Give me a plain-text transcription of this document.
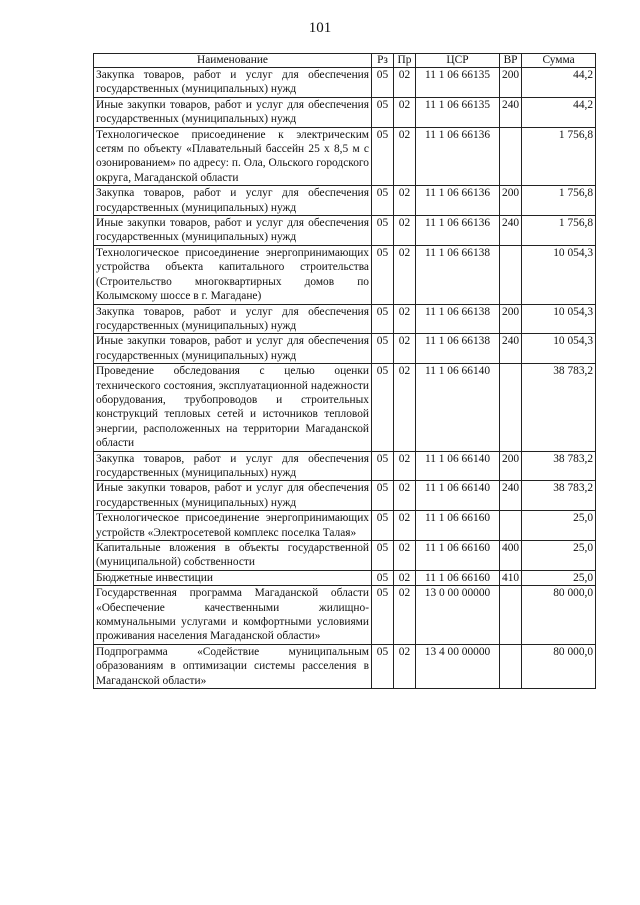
101
Наименование	Рз	Пр	ЦСР	ВР	Сумма
Закупка товаров, работ и услуг для обеспечения государственных (муниципальных) нужд	05	02	11 1 06 66135	200	44,2
Иные закупки товаров, работ и услуг для обеспечения государственных (муниципальных) нужд	05	02	11 1 06 66135	240	44,2
Технологическое присоединение к электрическим сетям по объекту «Плавательный бассейн 25 х 8,5 м с озонированием» по адресу: п. Ола, Ольского городского округа, Магаданской области	05	02	11 1 06 66136		1 756,8
Закупка товаров, работ и услуг для обеспечения государственных (муниципальных) нужд	05	02	11 1 06 66136	200	1 756,8
Иные закупки товаров, работ и услуг для обеспечения государственных (муниципальных) нужд	05	02	11 1 06 66136	240	1 756,8
Технологическое присоединение энергопринимающих устройства объекта капитального строительства (Строительство многоквартирных домов по Колымскому шоссе в г. Магадане)	05	02	11 1 06 66138		10 054,3
Закупка товаров, работ и услуг для обеспечения государственных (муниципальных) нужд	05	02	11 1 06 66138	200	10 054,3
Иные закупки товаров, работ и услуг для обеспечения государственных (муниципальных) нужд	05	02	11 1 06 66138	240	10 054,3
Проведение обследования с целью оценки технического состояния, эксплуатационной надежности оборудования, трубопроводов и строительных конструкций тепловых сетей и источников тепловой энергии, расположенных на территории Магаданской области	05	02	11 1 06 66140		38 783,2
Закупка товаров, работ и услуг для обеспечения государственных (муниципальных) нужд	05	02	11 1 06 66140	200	38 783,2
Иные закупки товаров, работ и услуг для обеспечения государственных (муниципальных) нужд	05	02	11 1 06 66140	240	38 783,2
Технологическое присоединение энергопринимающих устройств «Электросетевой комплекс поселка Талая»	05	02	11 1 06 66160		25,0
Капитальные вложения в объекты государственной (муниципальной) собственности	05	02	11 1 06 66160	400	25,0
Бюджетные инвестиции	05	02	11 1 06 66160	410	25,0
Государственная программа Магаданской области «Обеспечение качественными жилищно-коммунальными услугами и комфортными условиями проживания населения Магаданской области»	05	02	13 0 00 00000		80 000,0
Подпрограмма «Содействие муниципальным образованиям в оптимизации системы расселения в Магаданской области»	05	02	13 4 00 00000		80 000,0
